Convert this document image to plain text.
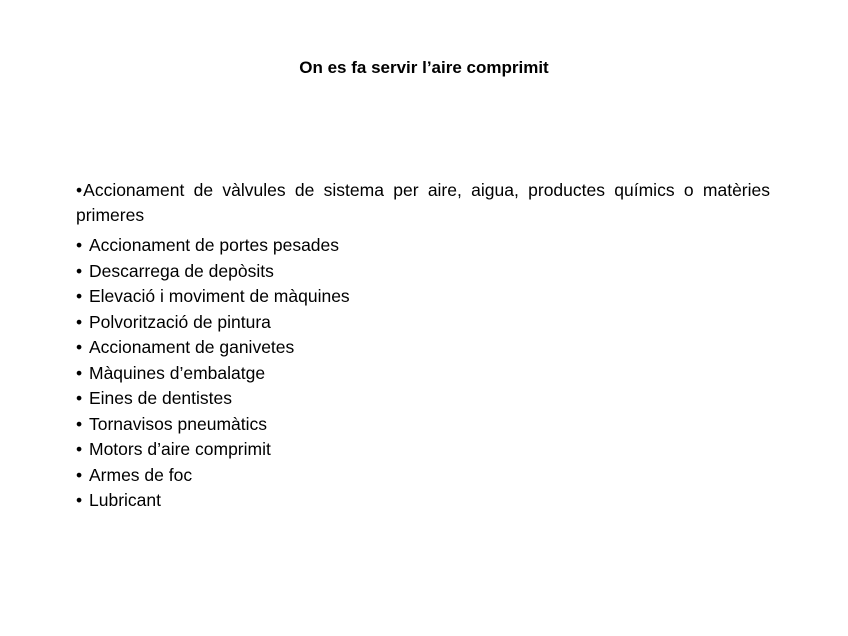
On es fa servir l’aire comprimit

•Accionament de vàlvules de sistema per aire, aigua, productes químics o matèries primeres

• Accionament de portes pesades
• Descarrega de depòsits
• Elevació i moviment de màquines
• Polvorització de pintura
• Accionament de ganivetes
• Màquines d’embalatge
• Eines de dentistes
• Tornavisos pneumàtics
• Motors d’aire comprimit
• Armes de foc
• Lubricant
